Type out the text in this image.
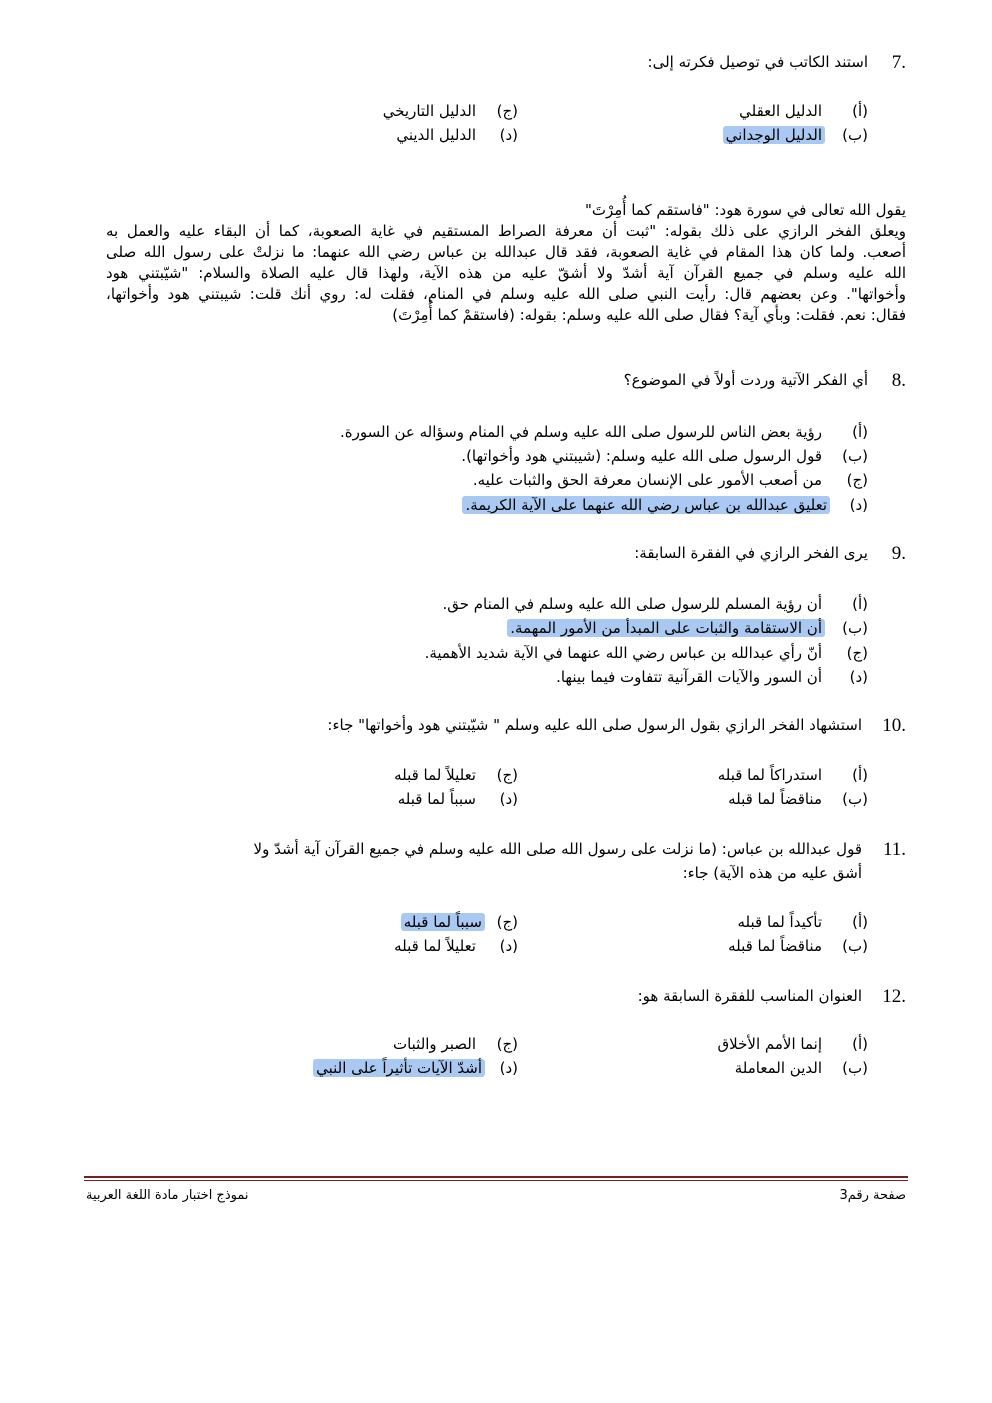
7.
استند الكاتب في توصيل فكرته إلى:
(أ)
الدليل العقلي
(ب)
الدليل الوجداني
(ج)
الدليل التاريخي
(د)
الدليل الديني
يقول الله تعالى في سورة هود: "فاستقم كما أُمِرْتَ"
ويعلق الفخر الرازي على ذلك بقوله: "ثبت أن معرفة الصراط المستقيم في غاية الصعوبة، كما أن البقاء عليه والعمل به
أصعب. ولما كان هذا المقام في غاية الصعوبة، فقد قال عبدالله بن عباس رضي الله عنهما: ما نزلتْ على رسول الله صلى
الله عليه وسلم في جميع القرآن آية أشدّ ولا أشقّ عليه من هذه الآية، ولهذا قال عليه الصلاة والسلام: "شيّبتني هود
وأخواتها". وعن بعضهم قال: رأيت النبي صلى الله عليه وسلم في المنام، فقلت له: روي أنك قلت: شيبتني هود وأخواتها،
فقال: نعم. فقلت: وبأي آية؟ فقال صلى الله عليه وسلم: بقوله: (فاستقمْ كما أُمِرْتَ)
8.
أي الفكر الآتية وردت أولاً في الموضوع؟
(أ)
رؤية بعض الناس للرسول صلى الله عليه وسلم في المنام وسؤاله عن السورة.
(ب)
قول الرسول صلى الله عليه وسلم: (شيبتني هود وأخواتها).
(ج)
من أصعب الأمور على الإنسان معرفة الحق والثبات عليه.
(د)
تعليق عبدالله بن عباس رضي الله عنهما على الآية الكريمة.
9.
يرى الفخر الرازي في الفقرة السابقة:
(أ)
أن رؤية المسلم للرسول صلى الله عليه وسلم في المنام حق.
(ب)
أن الاستقامة والثبات على المبدأ من الأمور المهمة.
(ج)
أنّ رأي عبدالله بن عباس رضي الله عنهما في الآية شديد الأهمية.
(د)
أن السور والآيات القرآنية تتفاوت فيما بينها.
10.
استشهاد الفخر الرازي بقول الرسول صلى الله عليه وسلم " شيّبتني هود وأخواتها" جاء:
(أ)
استدراكاً لما قبله
(ب)
مناقضاً لما قبله
(ج)
تعليلاً لما قبله
(د)
سبباً لما قبله
11.
قول عبدالله بن عباس: (ما نزلت على رسول الله صلى الله عليه وسلم في جميع القرآن آية أشدّ ولا
أشق عليه من هذه الآية) جاء:
(أ)
تأكيداً لما قبله
(ب)
مناقضاً لما قبله
(ج)
سبباً لما قبله
(د)
تعليلاً لما قبله
12.
العنوان المناسب للفقرة السابقة هو:
(أ)
إنما الأمم الأخلاق
(ب)
الدين المعاملة
(ج)
الصبر والثبات
(د)
أشدّ الآيات تأثيراً على النبي
صفحة رقم3
نموذج اختبار مادة اللغة العربية
